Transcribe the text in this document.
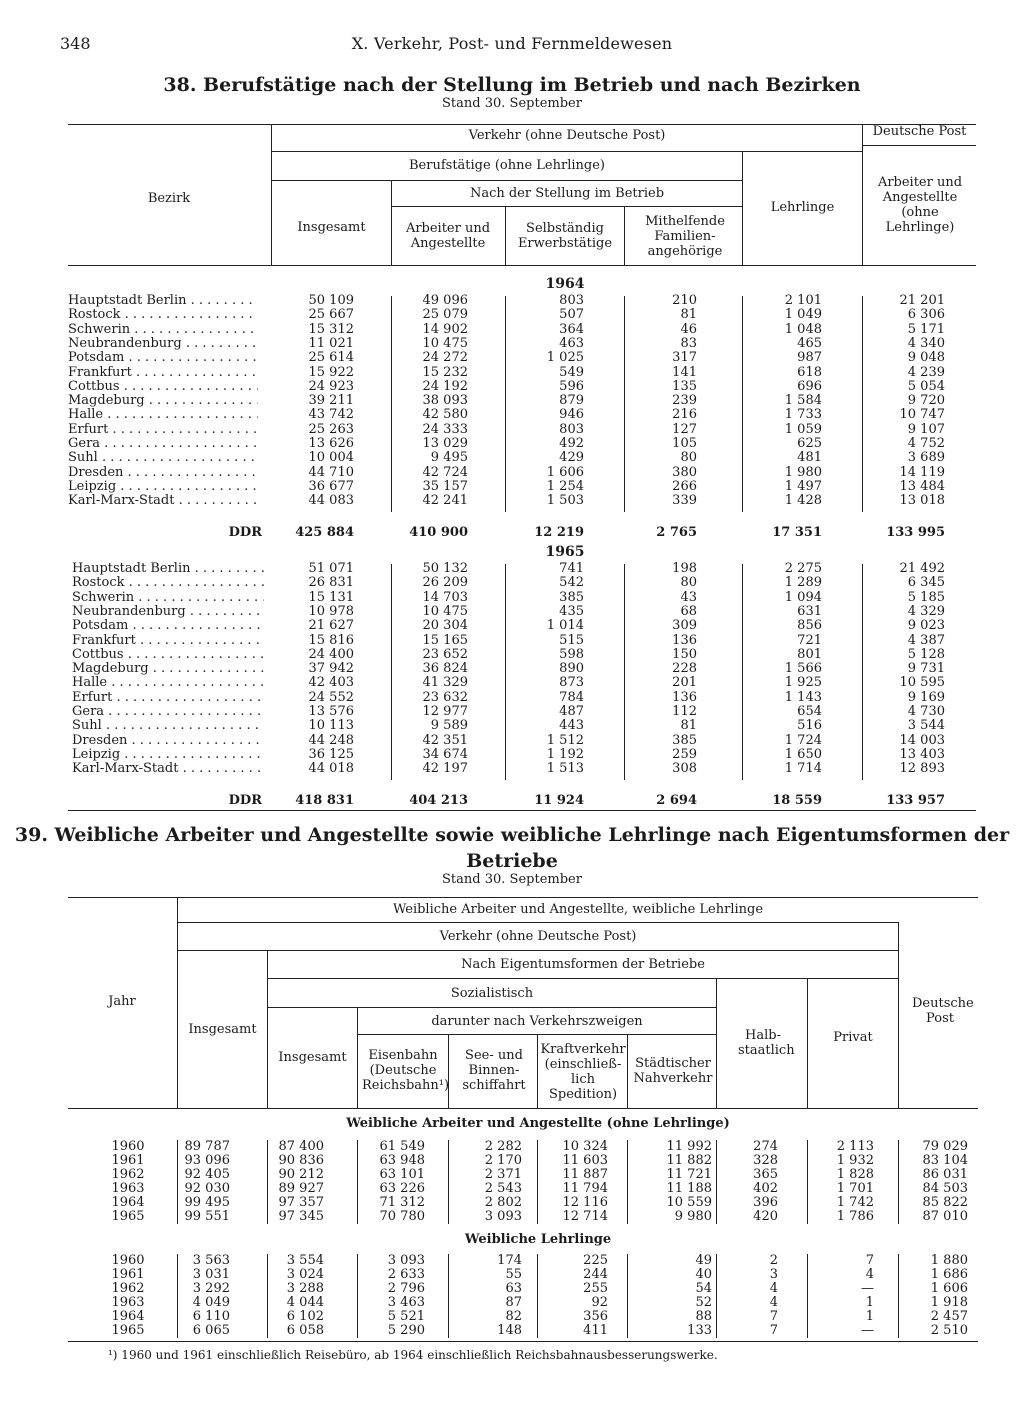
348	X. Verkehr, Post- und Fernmeldewesen
38. Berufstätige nach der Stellung im Betrieb und nach Bezirken
Stand 30. September
Bezirk
Verkehr (ohne Deutsche Post)
Berufstätige (ohne Lehrlinge)
Nach der Stellung im Betrieb
Insgesamt	Arbeiter und Angestellte
Selbständig Erwerbstätige
Mithelfende Familien-angehörige
Lehrlinge
Deutsche Post
Arbeiter und Angestellte (ohne Lehrlinge)
1964
Hauptstadt Berlin . . .	50 109	49 096	803	210	2 101	21 201
Rostock . . .	25 667	25 079	507	81	1 049	6 306
Schwerin . . .	15 312	14 902	364	46	1 048	5 171
Neubrandenburg . . .	11 021	10 475	463	83	465	4 340
Potsdam . . .	25 614	24 272	1 025	317	987	9 048
Frankfurt . . .	15 922	15 232	549	141	618	4 239
Cottbus . . .	24 923	24 192	596	135	696	5 054
Magdeburg . . .	39 211	38 093	879	239	1 584	9 720
Halle . . .	43 742	42 580	946	216	1 733	10 747
Erfurt . . .	25 263	24 333	803	127	1 059	9 107
Gera . . .	13 626	13 029	492	105	625	4 752
Suhl . . .	10 004	9 495	429	80	481	3 689
Dresden . . .	44 710	42 724	1 606	380	1 980	14 119
Leipzig . . .	36 677	35 157	1 254	266	1 497	13 484
Karl-Marx-Stadt . . .	44 083	42 241	1 503	339	1 428	13 018
DDR	425 884	410 900	12 219	2 765	17 351	133 995
1965
Hauptstadt Berlin . . .	51 071	50 132	741	198	2 275	21 492
Rostock . . .	26 831	26 209	542	80	1 289	6 345
Schwerin . . .	15 131	14 703	385	43	1 094	5 185
Neubrandenburg . . .	10 978	10 475	435	68	631	4 329
Potsdam . . .	21 627	20 304	1 014	309	856	9 023
Frankfurt . . .	15 816	15 165	515	136	721	4 387
Cottbus . . .	24 400	23 652	598	150	801	5 128
Magdeburg . . .	37 942	36 824	890	228	1 566	9 731
Halle . . .	42 403	41 329	873	201	1 925	10 595
Erfurt . . .	24 552	23 632	784	136	1 143	9 169
Gera . . .	13 576	12 977	487	112	654	4 730
Suhl . . .	10 113	9 589	443	81	516	3 544
Dresden . . .	44 248	42 351	1 512	385	1 724	14 003
Leipzig . . .	36 125	34 674	1 192	259	1 650	13 403
Karl-Marx-Stadt . . .	44 018	42 197	1 513	308	1 714	12 893
DDR	418 831	404 213	11 924	2 694	18 559	133 957
39. Weibliche Arbeiter und Angestellte sowie weibliche Lehrlinge nach Eigentumsformen der Betriebe
Stand 30. September
Jahr
Weibliche Arbeiter und Angestellte, weibliche Lehrlinge
Verkehr (ohne Deutsche Post)
Insgesamt
Nach Eigentumsformen der Betriebe
Sozialistisch
darunter nach Verkehrszweigen
Insgesamt	Eisenbahn (Deutsche Reichsbahn¹)
See- und Binnen-schiffahrt
Kraftverkehr (einschließ-lich Spedition)
Städtischer Nahverkehr
Halb-staatlich
Privat
Deutsche Post
Weibliche Arbeiter und Angestellte (ohne Lehrlinge)
1960	89 787	87 400	61 549	2 282	10 324	11 992	274	2 113	79 029
1961	93 096	90 836	63 948	2 170	11 603	11 882	328	1 932	83 104
1962	92 405	90 212	63 101	2 371	11 887	11 721	365	1 828	86 031
1963	92 030	89 927	63 226	2 543	11 794	11 188	402	1 701	84 503
1964	99 495	97 357	71 312	2 802	12 116	10 559	396	1 742	85 822
1965	99 551	97 345	70 780	3 093	12 714	9 980	420	1 786	87 010
Weibliche Lehrlinge
1960	3 563	3 554	3 093	174	225	49	2	7	1 880
1961	3 031	3 024	2 633	55	244	40	3	4	1 686
1962	3 292	3 288	2 796	63	255	54	4	—	1 606
1963	4 049	4 044	3 463	87	92	52	4	1	1 918
1964	6 110	6 102	5 521	82	356	88	7	1	2 457
1965	6 065	6 058	5 290	148	411	133	7	—	2 510
¹) 1960 und 1961 einschließlich Reisebüro, ab 1964 einschließlich Reichsbahnausbesserungswerke.
